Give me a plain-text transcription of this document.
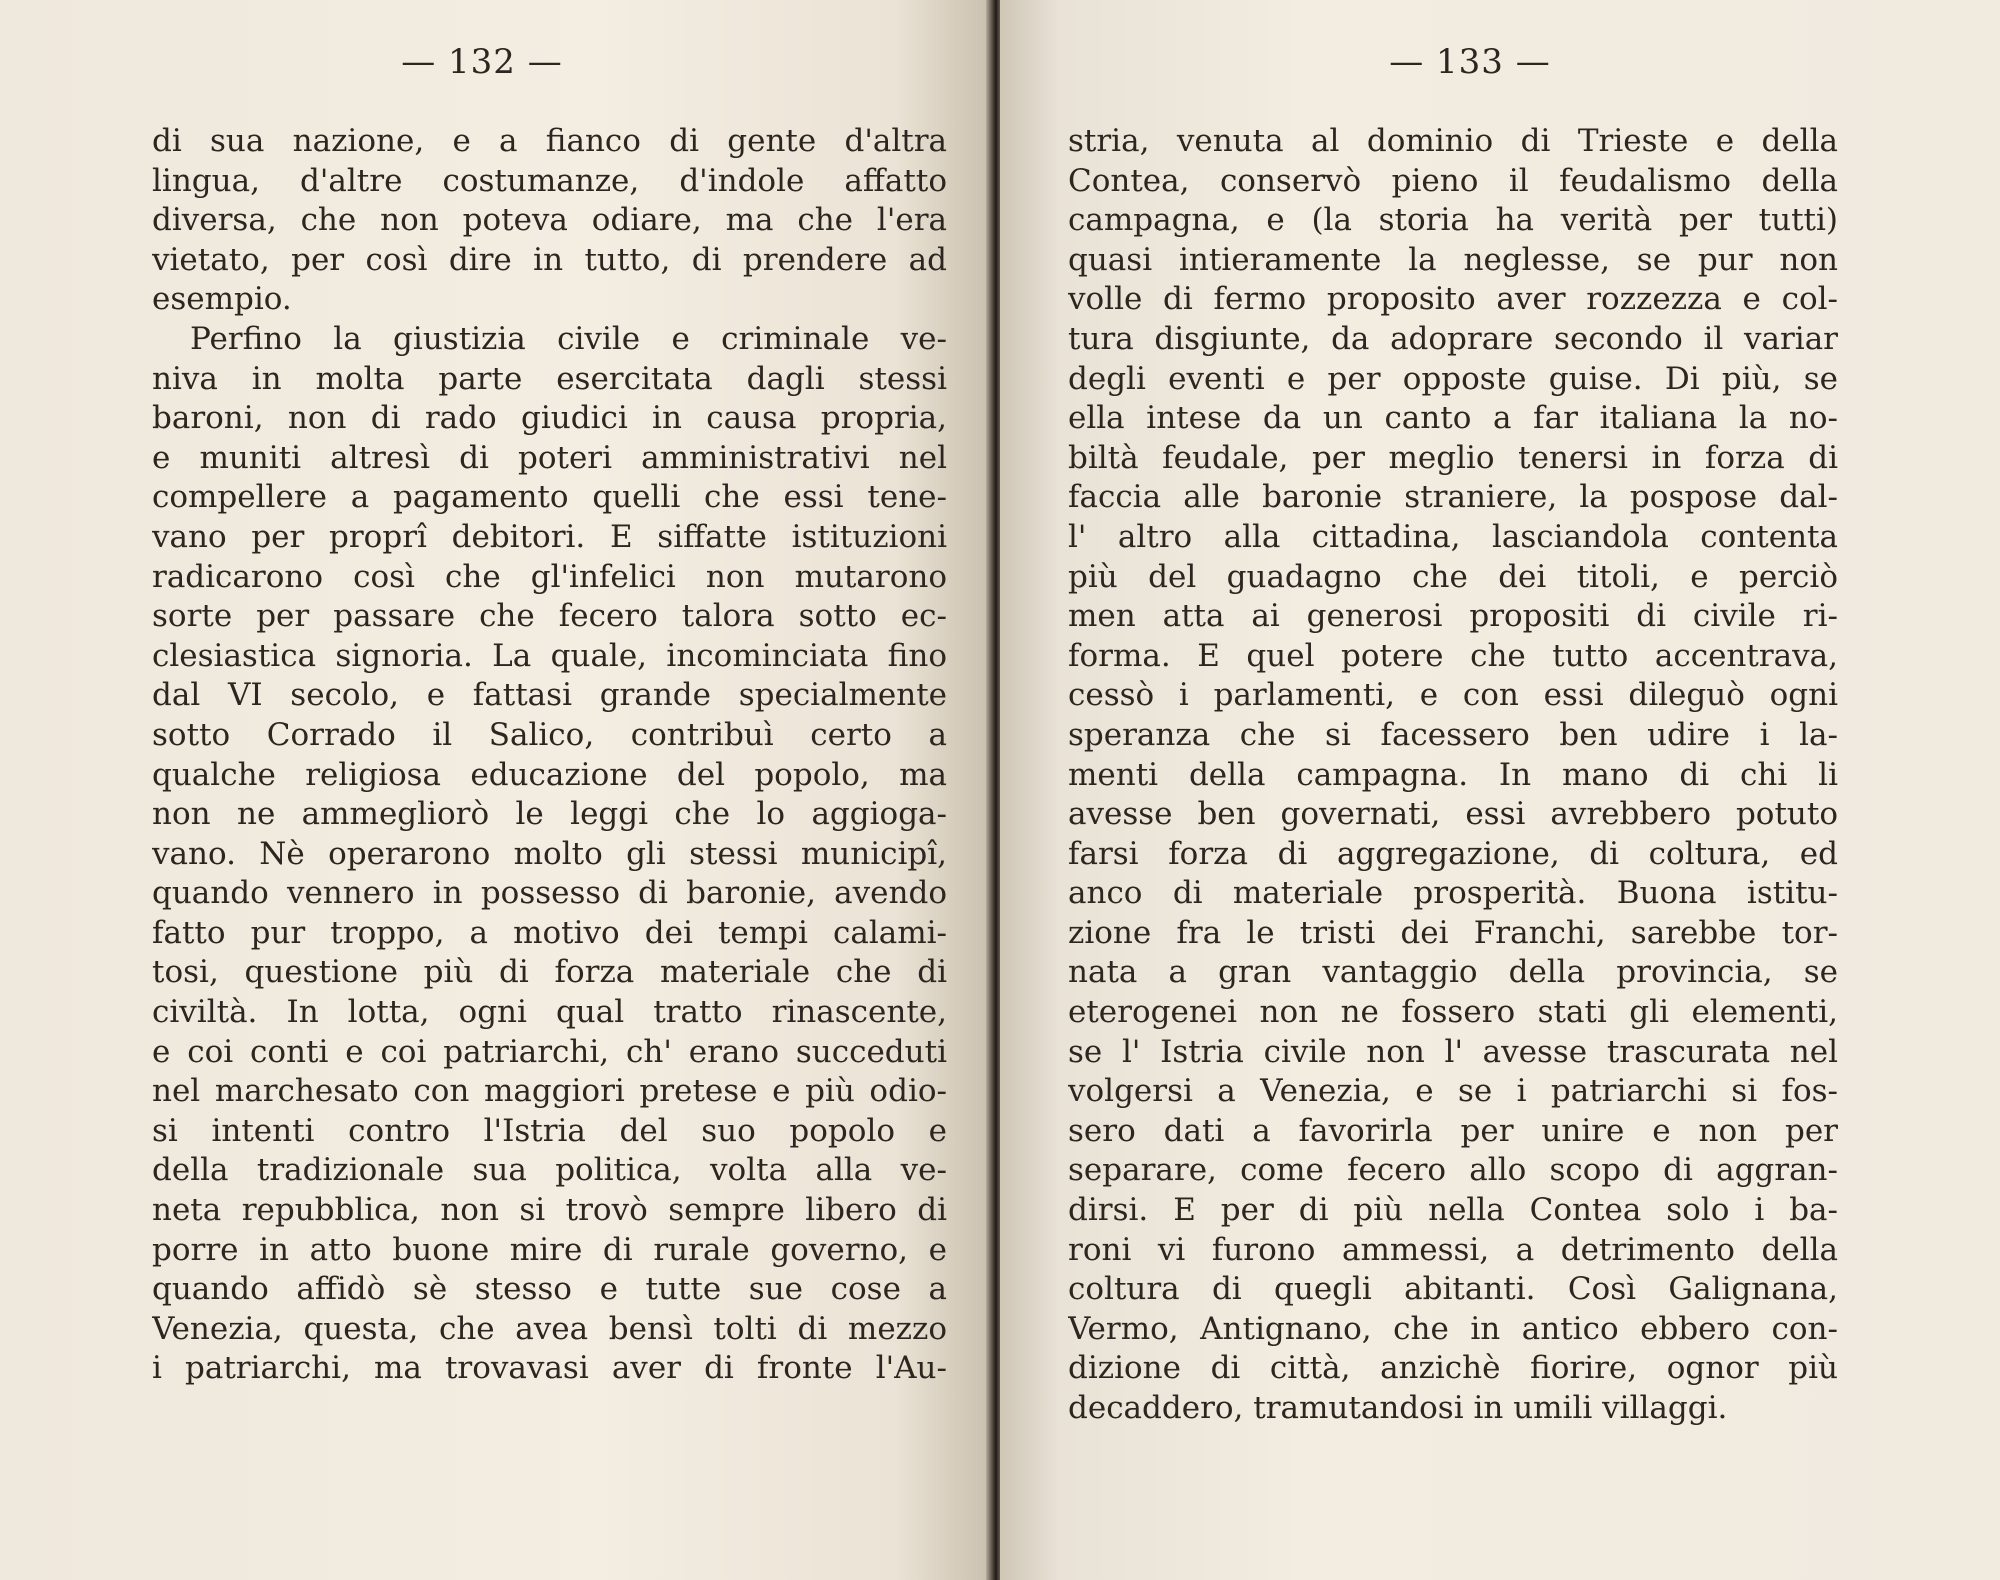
— 132 —
di sua nazione, e a fianco di gente d'altra
lingua, d'altre costumanze, d'indole affatto
diversa, che non poteva odiare, ma che l'era
vietato, per così dire in tutto, di prendere ad
esempio.
Perfino la giustizia civile e criminale ve-
niva in molta parte esercitata dagli stessi
baroni, non di rado giudici in causa propria,
e muniti altresì di poteri amministrativi nel
compellere a pagamento quelli che essi tene-
vano per proprî debitori. E siffatte istituzioni
radicarono così che gl'infelici non mutarono
sorte per passare che fecero talora sotto ec-
clesiastica signoria. La quale, incominciata fino
dal VI secolo, e fattasi grande specialmente
sotto Corrado il Salico, contribuì certo a
qualche religiosa educazione del popolo, ma
non ne ammegliorò le leggi che lo aggioga-
vano. Nè operarono molto gli stessi municipî,
quando vennero in possesso di baronie, avendo
fatto pur troppo, a motivo dei tempi calami-
tosi, questione più di forza materiale che di
civiltà. In lotta, ogni qual tratto rinascente,
e coi conti e coi patriarchi, ch' erano succeduti
nel marchesato con maggiori pretese e più odio-
si intenti contro l'Istria del suo popolo e
della tradizionale sua politica, volta alla ve-
neta repubblica, non si trovò sempre libero di
porre in atto buone mire di rurale governo, e
quando affidò sè stesso e tutte sue cose a
Venezia, questa, che avea bensì tolti di mezzo
i patriarchi, ma trovavasi aver di fronte l'Au-
— 133 —
stria, venuta al dominio di Trieste e della
Contea, conservò pieno il feudalismo della
campagna, e (la storia ha verità per tutti)
quasi intieramente la neglesse, se pur non
volle di fermo proposito aver rozzezza e col-
tura disgiunte, da adoprare secondo il variar
degli eventi e per opposte guise. Di più, se
ella intese da un canto a far italiana la no-
biltà feudale, per meglio tenersi in forza di
faccia alle baronie straniere, la pospose dal-
l' altro alla cittadina, lasciandola contenta
più del guadagno che dei titoli, e perciò
men atta ai generosi propositi di civile ri-
forma. E quel potere che tutto accentrava,
cessò i parlamenti, e con essi dileguò ogni
speranza che si facessero ben udire i la-
menti della campagna. In mano di chi li
avesse ben governati, essi avrebbero potuto
farsi forza di aggregazione, di coltura, ed
anco di materiale prosperità. Buona istitu-
zione fra le tristi dei Franchi, sarebbe tor-
nata a gran vantaggio della provincia, se
eterogenei non ne fossero stati gli elementi,
se l' Istria civile non l' avesse trascurata nel
volgersi a Venezia, e se i patriarchi si fos-
sero dati a favorirla per unire e non per
separare, come fecero allo scopo di aggran-
dirsi. E per di più nella Contea solo i ba-
roni vi furono ammessi, a detrimento della
coltura di quegli abitanti. Così Galignana,
Vermo, Antignano, che in antico ebbero con-
dizione di città, anzichè fiorire, ognor più
decaddero, tramutandosi in umili villaggi.
